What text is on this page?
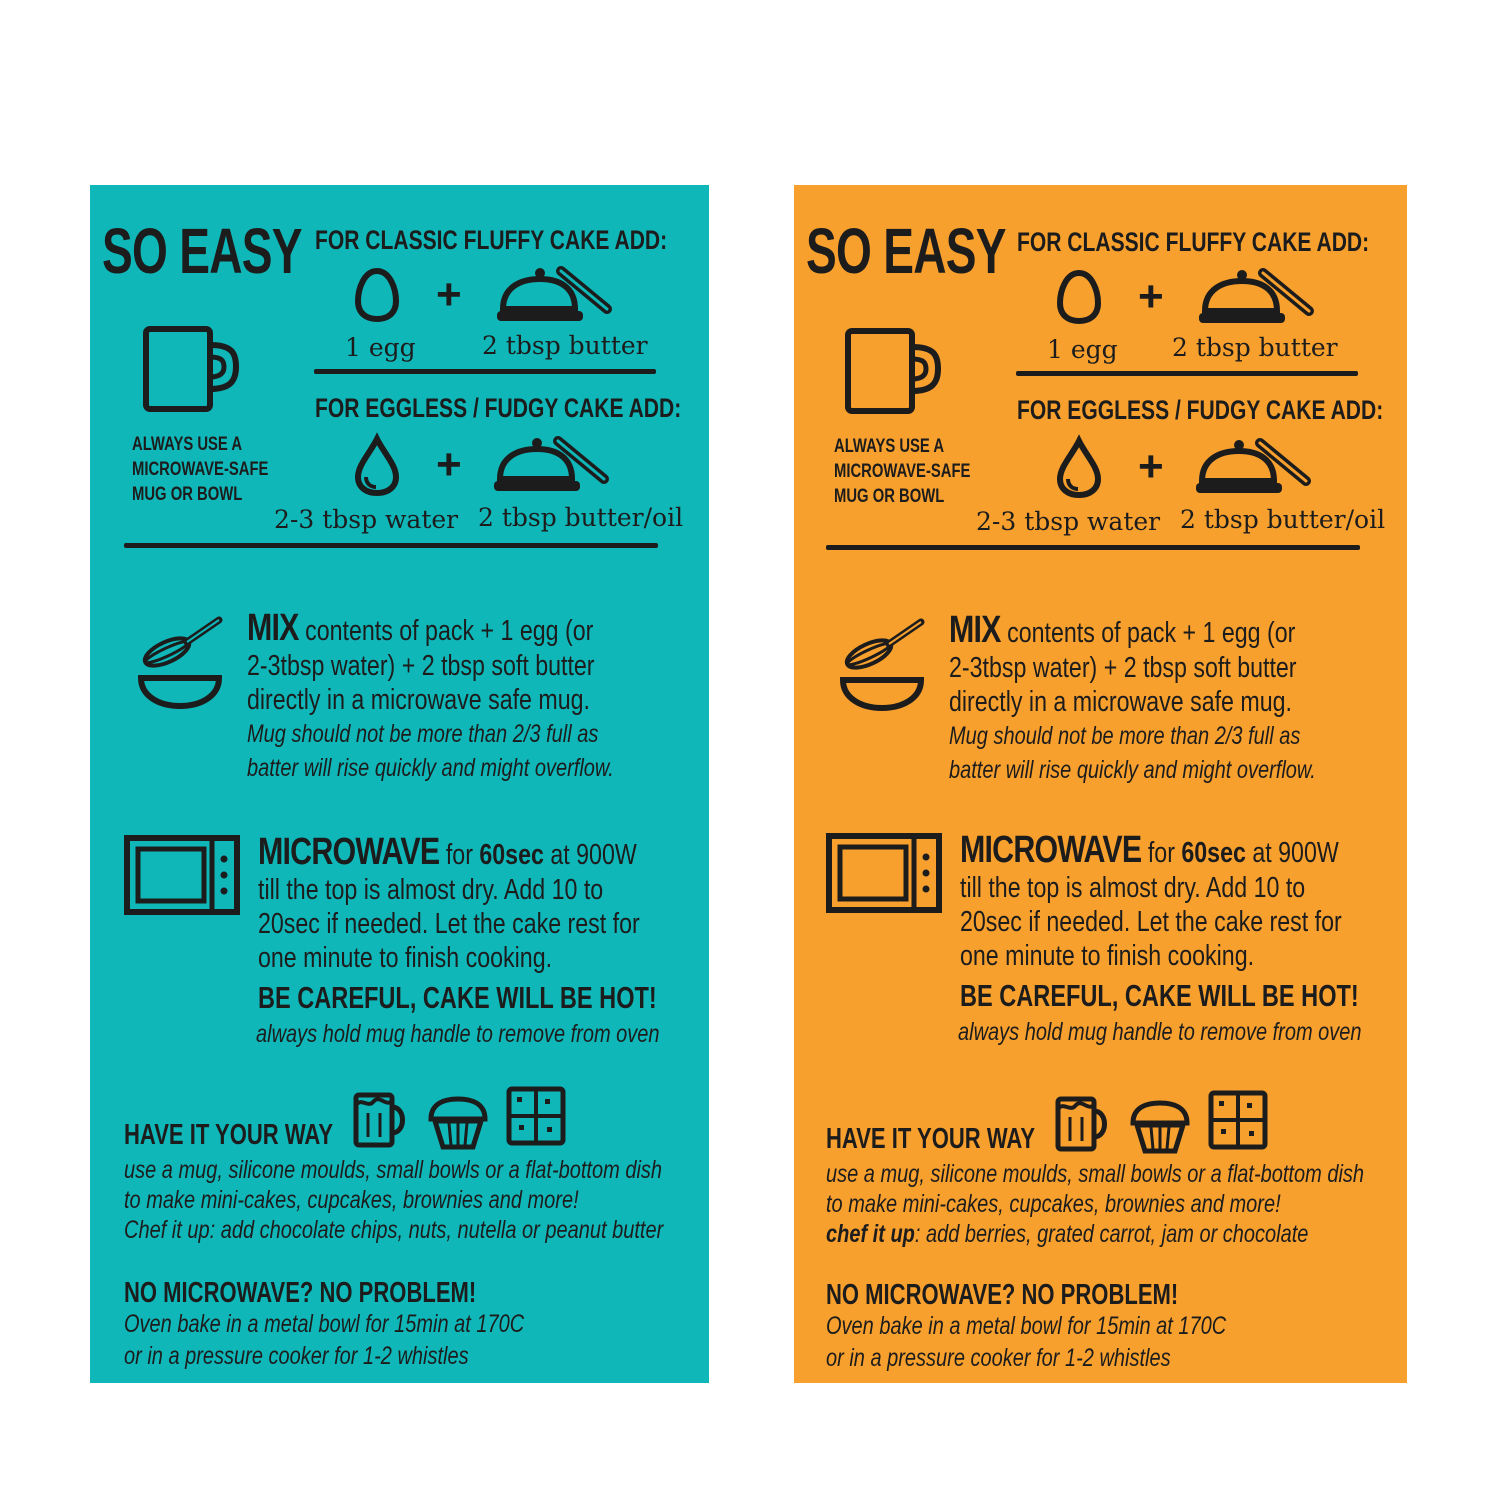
SO EASY FOR CLASSIC FLUFFY CAKE ADD:
+
1 egg	2 tbsp butter
ALWAYS USE A
MICROWAVE-SAFE
MUG OR BOWL
FOR EGGLESS / FUDGY CAKE ADD:
+
2-3 tbsp water 2 tbsp butter/oil
MIX contents of pack + 1 egg (or
2-3tbsp water) + 2 tbsp soft butter
directly in a microwave safe mug.
Mug should not be more than 2/3 full as
batter will rise quickly and might overflow.
MICROWAVE for 60sec at 900W
till the top is almost dry. Add 10 to
20sec if needed. Let the cake rest for
one minute to finish cooking.
BE CAREFUL, CAKE WILL BE HOT!
always hold mug handle to remove from oven
HAVE IT YOUR WAY
use a mug, silicone moulds, small bowls or a flat-bottom dish
to make mini-cakes, cupcakes, brownies and more!
Chef it up: add chocolate chips, nuts, nutella or peanut butter
NO MICROWAVE? NO PROBLEM!
Oven bake in a metal bowl for 15min at 170C
or in a pressure cooker for 1-2 whistles
SO EASY FOR CLASSIC FLUFFY CAKE ADD:
+
1 egg 2 tbsp butter
ALWAYS USE A
MICROWAVE-SAFE
MUG OR BOWL
FOR EGGLESS / FUDGY CAKE ADD:
+
2-3 tbsp water 2 tbsp butter/oil
MIX contents of pack + 1 egg (or
2-3tbsp water) + 2 tbsp soft butter
directly in a microwave safe mug.
Mug should not be more than 2/3 full as
batter will rise quickly and might overflow.
MICROWAVE for 60sec at 900W
till the top is almost dry. Add 10 to
20sec if needed. Let the cake rest for
one minute to finish cooking.
BE CAREFUL, CAKE WILL BE HOT!
always hold mug handle to remove from oven
HAVE IT YOUR WAY
use a mug, silicone moulds, small bowls or a flat-bottom dish
to make mini-cakes, cupcakes, brownies and more!
chef it up: add berries, grated carrot, jam or chocolate
NO MICROWAVE? NO PROBLEM!
Oven bake in a metal bowl for 15min at 170C
or in a pressure cooker for 1-2 whistles
